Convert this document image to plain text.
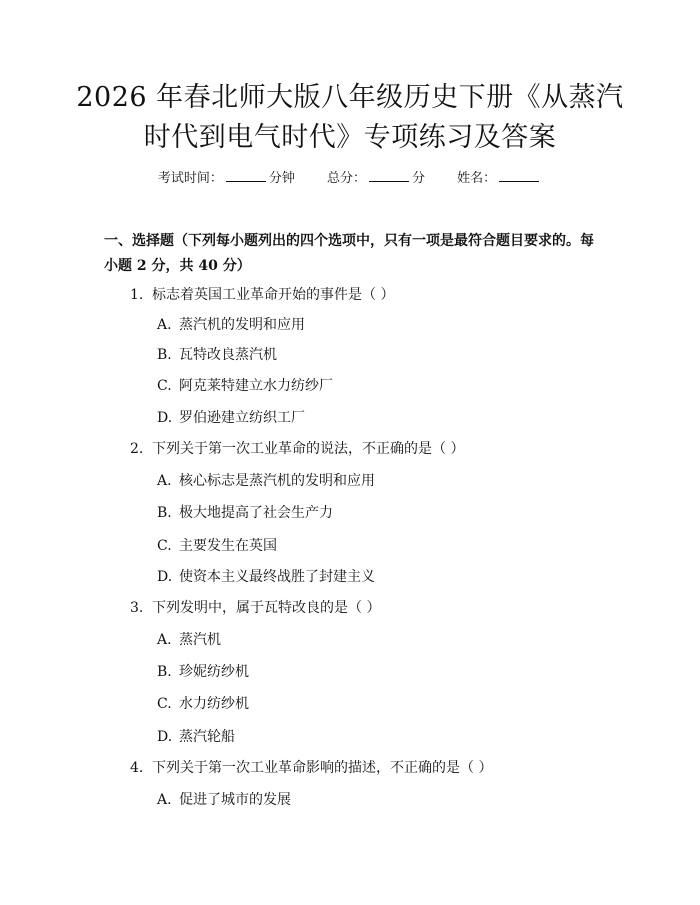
2026 年春北师大版八年级历史下册《从蒸汽
时代到电气时代》专项练习及答案
考试时间：	分钟 总分：	分 姓名：
一、选择题（下列每小题列出的四个选项中，只有一项是最符合题目要求的。每小题 2 分，共 40 分）
1. 标志着英国工业革命开始的事件是（ ）
A. 蒸汽机的发明和应用
B. 瓦特改良蒸汽机
C. 阿克莱特建立水力纺纱厂
D. 罗伯逊建立纺织工厂
2. 下列关于第一次工业革命的说法，不正确的是（ ）
A. 核心标志是蒸汽机的发明和应用
B. 极大地提高了社会生产力
C. 主要发生在英国
D. 使资本主义最终战胜了封建主义
3. 下列发明中，属于瓦特改良的是（ ）
A. 蒸汽机
B. 珍妮纺纱机
C. 水力纺纱机
D. 蒸汽轮船
4. 下列关于第一次工业革命影响的描述，不正确的是（ ）
A. 促进了城市的发展
